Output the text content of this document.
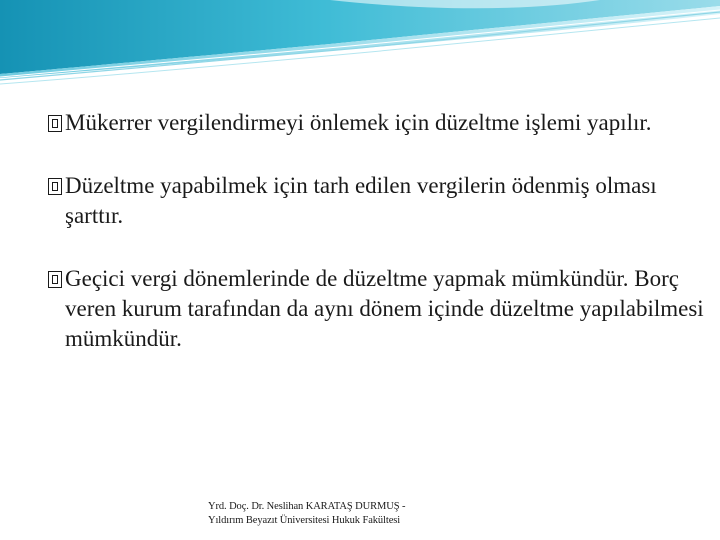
Mükerrer vergilendirmeyi önlemek için düzeltme işlemi yapılır.
Düzeltme yapabilmek için tarh edilen vergilerin ödenmiş olması şarttır.
Geçici vergi dönemlerinde de düzeltme yapmak mümkündür. Borç veren kurum tarafından da aynı dönem içinde düzeltme yapılabilmesi mümkündür.
Yrd. Doç. Dr. Neslihan KARATAŞ DURMUŞ -
Yıldırım Beyazıt Üniversitesi Hukuk Fakültesi
